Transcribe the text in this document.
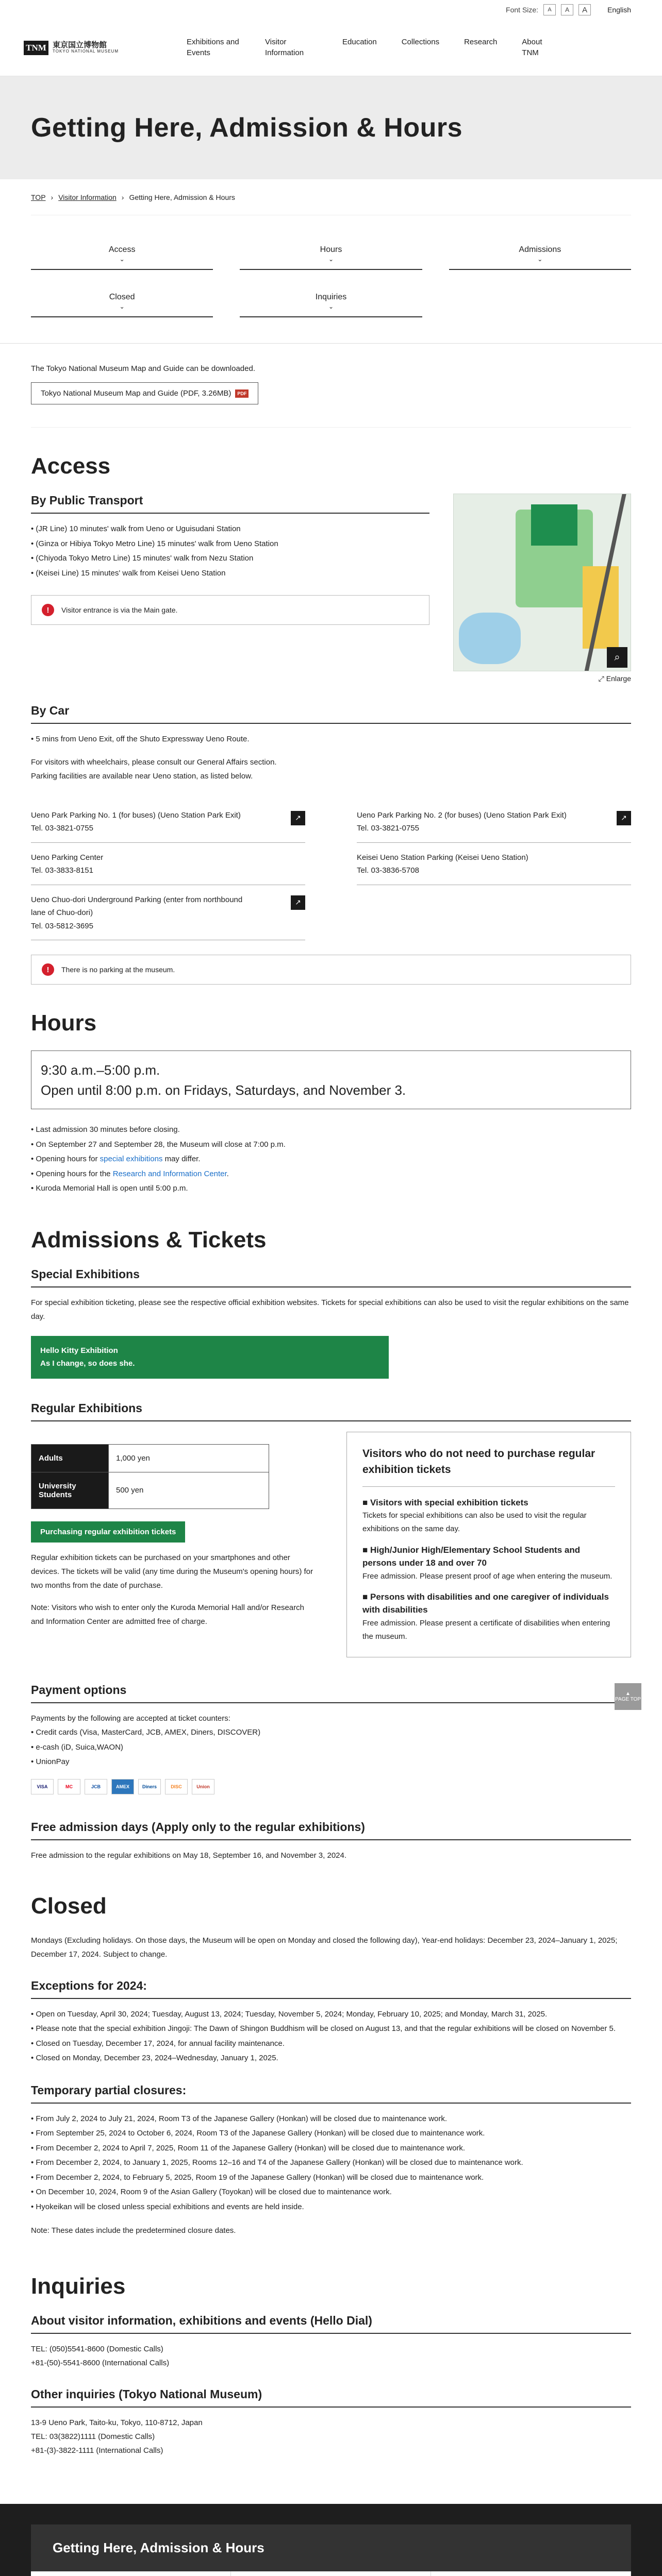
Font Size:	A	A	A	English
TNM 東京国立博物館
TOKYO NATIONAL MUSEUM
Exhibitions and Events
Visitor Information
Education	Collections	Research	About TNM
Getting Here, Admission & Hours
TOP › Visitor Information › Getting Here, Admission & Hours
Access
⌄
Hours
⌄
Admissions
⌄
Closed
⌄
Inquiries
⌄

The Tokyo National Museum Map and Guide can be downloaded.

Tokyo National Museum Map and Guide (PDF, 3.26MB)	PDF
Access
By Public Transport
• (JR Line) 10 minutes' walk from Ueno or Uguisudani Station
• (Ginza or Hibiya Tokyo Metro Line) 15 minutes' walk from Ueno Station
• (Chiyoda Tokyo Metro Line) 15 minutes' walk from Nezu Station
• (Keisei Line) 15 minutes' walk from Keisei Ueno Station
!	Visitor entrance is via the Main gate.
⌕
⤢ Enlarge
By Car
• 5 mins from Ueno Exit, off the Shuto Expressway Ueno Route.

For visitors with wheelchairs, please consult our General Affairs section.

Parking facilities are available near Ueno station, as listed below.

Ueno Park Parking No. 1 (for buses) (Ueno Station Park Exit)
Tel. 03-3821-0755
↗	Ueno Park Parking No. 2 (for buses) (Ueno Station Park Exit)
Tel. 03-3821-0755
↗
Ueno Parking Center
Tel. 03-3833-8151
Keisei Ueno Station Parking (Keisei Ueno Station)
Tel. 03-3836-5708
Ueno Chuo-dori Underground Parking (enter from northbound lane of Chuo-dori)
Tel. 03-5812-3695
↗
!	There is no parking at the museum.
Hours
9:30 a.m.–5:00 p.m.
Open until 8:00 p.m. on Fridays, Saturdays, and November 3.
• Last admission 30 minutes before closing.
• On September 27 and September 28, the Museum will close at 7:00 p.m.
• Opening hours for special exhibitions may differ.
• Opening hours for the Research and Information Center.
• Kuroda Memorial Hall is open until 5:00 p.m.
Admissions & Tickets
Special Exhibitions

For special exhibition ticketing, please see the respective official exhibition websites. Tickets for special exhibitions can also be used to visit the regular exhibitions on the same day.

Hello Kitty Exhibition
As I change, so does she.
Regular Exhibitions
Adults	1,000 yen
University Students	500 yen
Purchasing regular exhibition tickets

Regular exhibition tickets can be purchased on your smartphones and other devices. The tickets will be valid (any time during the Museum's opening hours) for two months from the date of purchase.

Note: Visitors who wish to enter only the Kuroda Memorial Hall and/or Research and Information Center are admitted free of charge.

Visitors who do not need to purchase regular exhibition tickets
■ Visitors with special exhibition tickets
Tickets for special exhibitions can also be used to visit the regular exhibitions on the same day.
■ High/Junior High/Elementary School Students and persons under 18 and over 70
Free admission. Please present proof of age when entering the museum.
■ Persons with disabilities and one caregiver of individuals with disabilities
Free admission. Please present a certificate of disabilities when entering the museum.
Payment options

Payments by the following are accepted at ticket counters:

• Credit cards (Visa, MasterCard, JCB, AMEX, Diners, DISCOVER)
• e-cash (iD, Suica,WAON)
• UnionPay
VISA	MC	JCB	AMEX	Diners	DISC	Union
▲
PAGE TOP
Free admission days (Apply only to the regular exhibitions)

Free admission to the regular exhibitions on May 18, September 16, and November 3, 2024.

Closed

Mondays (Excluding holidays. On those days, the Museum will be open on Monday and closed the following day), Year-end holidays: December 23, 2024–January 1, 2025; December 17, 2024. Subject to change.

Exceptions for 2024:
• Open on Tuesday, April 30, 2024; Tuesday, August 13, 2024; Tuesday, November 5, 2024; Monday, February 10, 2025; and Monday, March 31, 2025.
• Please note that the special exhibition Jingoji: The Dawn of Shingon Buddhism will be closed on August 13, and that the regular exhibitions will be closed on November 5.
• Closed on Tuesday, December 17, 2024, for annual facility maintenance.
• Closed on Monday, December 23, 2024–Wednesday, January 1, 2025.
Temporary partial closures:
• From July 2, 2024 to July 21, 2024, Room T3 of the Japanese Gallery (Honkan) will be closed due to maintenance work.
• From September 25, 2024 to October 6, 2024, Room T3 of the Japanese Gallery (Honkan) will be closed due to maintenance work.
• From December 2, 2024 to April 7, 2025, Room 11 of the Japanese Gallery (Honkan) will be closed due to maintenance work.
• From December 2, 2024, to January 1, 2025, Rooms 12–16 and T4 of the Japanese Gallery (Honkan) will be closed due to maintenance work.
• From December 2, 2024, to February 5, 2025, Room 19 of the Japanese Gallery (Honkan) will be closed due to maintenance work.
• On December 10, 2024, Room 9 of the Asian Gallery (Toyokan) will be closed due to maintenance work.
• Hyokeikan will be closed unless special exhibitions and events are held inside.

Note: These dates include the predetermined closure dates.

Inquiries
About visitor information, exhibitions and events (Hello Dial)

TEL: (050)5541-8600 (Domestic Calls)

+81-(50)-5541-8600 (International Calls)

Other inquiries (Tokyo National Museum)

13-9 Ueno Park, Taito-ku, Tokyo, 110-8712, Japan

TEL: 03(3822)1111 (Domestic Calls)

+81-(3)-3822-1111 (International Calls)

Getting Here, Admission & Hours
›
›
›
